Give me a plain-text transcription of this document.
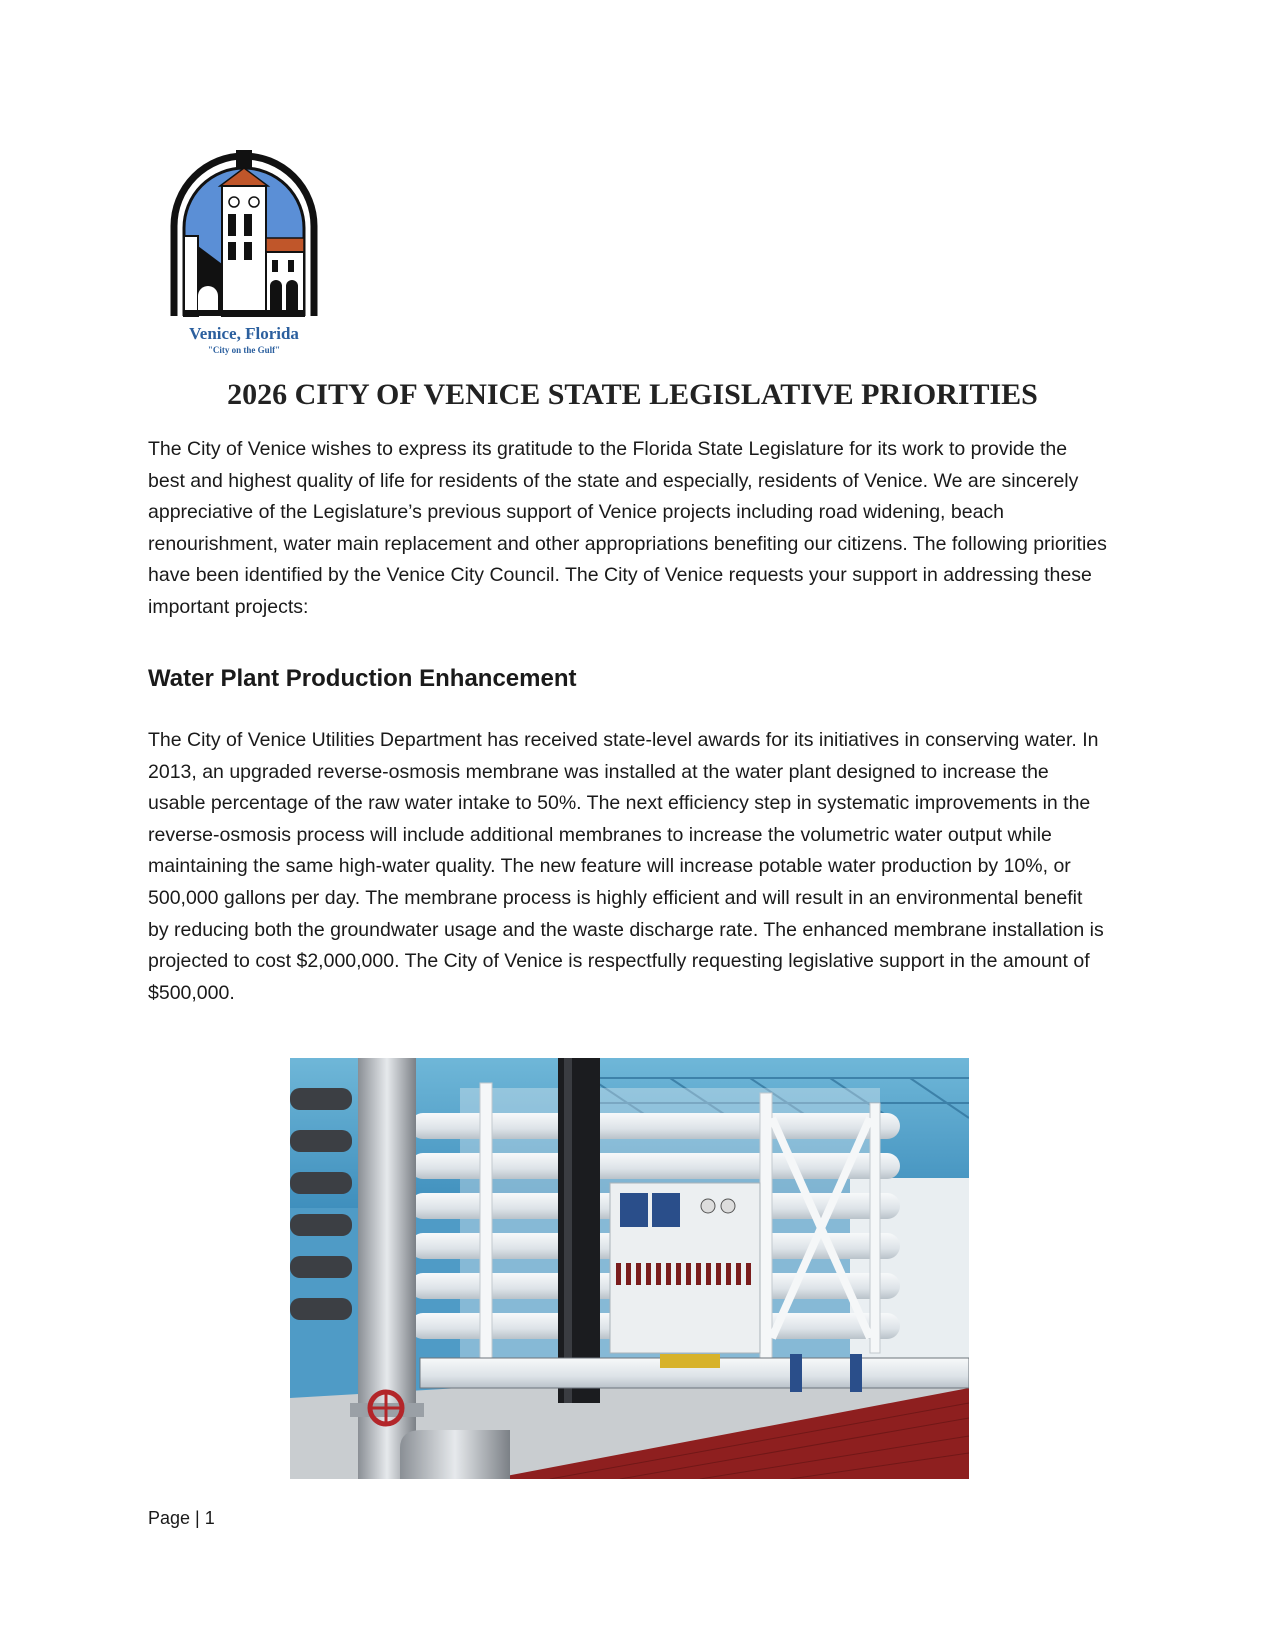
Venice, Florida
"City on the Gulf"
2026 CITY OF VENICE STATE LEGISLATIVE PRIORITIES

The City of Venice wishes to express its gratitude to the Florida State Legislature for its work to provide the best and highest quality of life for residents of the state and especially, residents of Venice. We are sincerely appreciative of the Legislature’s previous support of Venice projects including road widening, beach renourishment, water main replacement and other appropriations benefiting our citizens. The following priorities have been identified by the Venice City Council. The City of Venice requests your support in addressing these important projects:

Water Plant Production Enhancement

The City of Venice Utilities Department has received state-level awards for its initiatives in conserving water. In 2013, an upgraded reverse-osmosis membrane was installed at the water plant designed to increase the usable percentage of the raw water intake to 50%. The next efficiency step in systematic improvements in the reverse-osmosis process will include additional membranes to increase the volumetric water output while maintaining the same high-water quality. The new feature will increase potable water production by 10%, or 500,000 gallons per day. The membrane process is highly efficient and will result in an environmental benefit by reducing both the groundwater usage and the waste discharge rate. The enhanced membrane installation is projected to cost $2,000,000. The City of Venice is respectfully requesting legislative support in the amount of $500,000.

Page | 1
